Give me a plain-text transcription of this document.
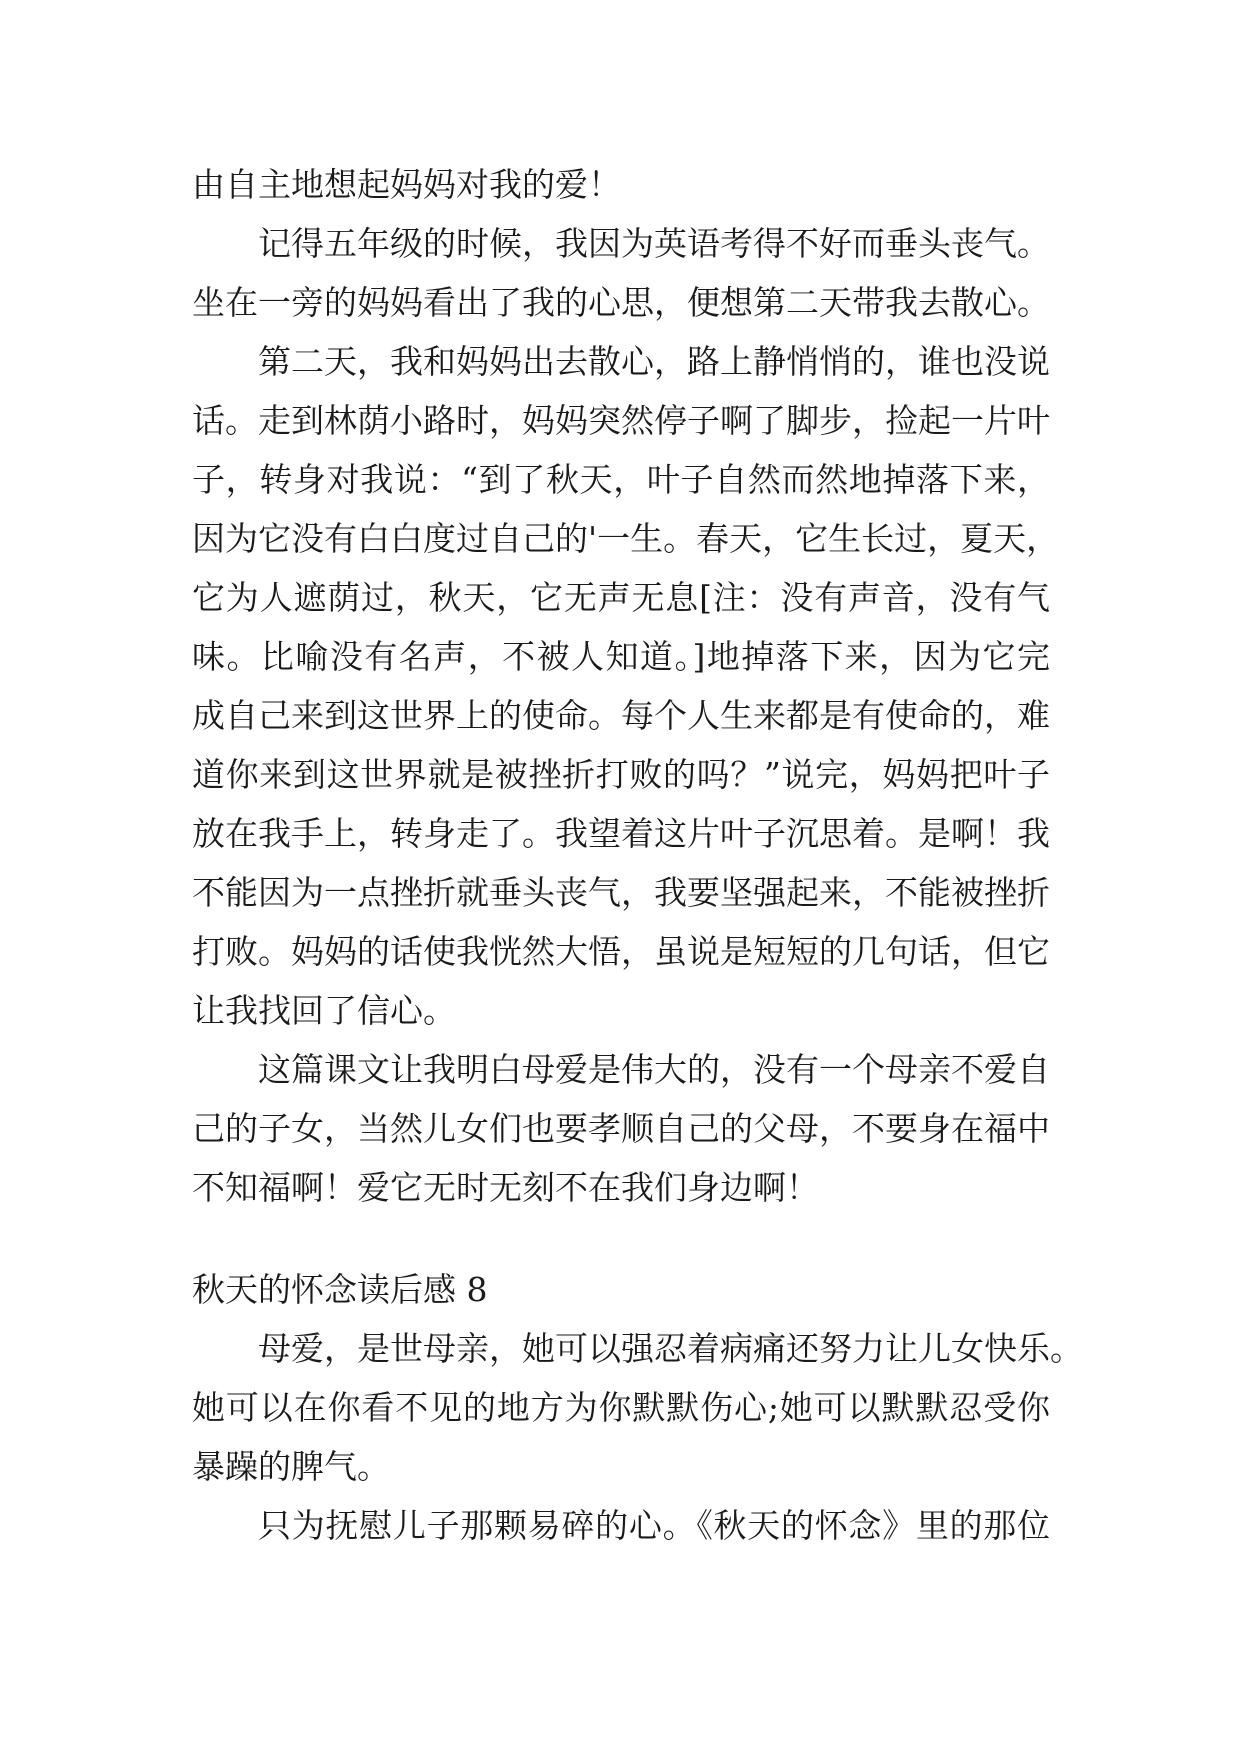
由自主地想起妈妈对我的爱！
记得五年级的时候，我因为英语考得不好而垂头丧气。
坐在一旁的妈妈看出了我的心思，便想第二天带我去散心。
第二天，我和妈妈出去散心，路上静悄悄的，谁也没说
话。走到林荫小路时，妈妈突然停子啊了脚步，捡起一片叶
子，转身对我说：“到了秋天，叶子自然而然地掉落下来，
因为它没有白白度过自己的'一生。春天，它生长过，夏天，
它为人遮荫过，秋天，它无声无息[注：没有声音，没有气
味。比喻没有名声，不被人知道。]地掉落下来，因为它完
成自己来到这世界上的使命。每个人生来都是有使命的，难
道你来到这世界就是被挫折打败的吗？”说完，妈妈把叶子
放在我手上，转身走了。我望着这片叶子沉思着。是啊！我
不能因为一点挫折就垂头丧气，我要坚强起来，不能被挫折
打败。妈妈的话使我恍然大悟，虽说是短短的几句话，但它
让我找回了信心。
这篇课文让我明白母爱是伟大的，没有一个母亲不爱自
己的子女，当然儿女们也要孝顺自己的父母，不要身在福中
不知福啊！爱它无时无刻不在我们身边啊！
秋天的怀念读后感 8
母爱，是世母亲，她可以强忍着病痛还努力让儿女快乐。
她可以在你看不见的地方为你默默伤心;她可以默默忍受你
暴躁的脾气。
只为抚慰儿子那颗易碎的心。《秋天的怀念》里的那位
